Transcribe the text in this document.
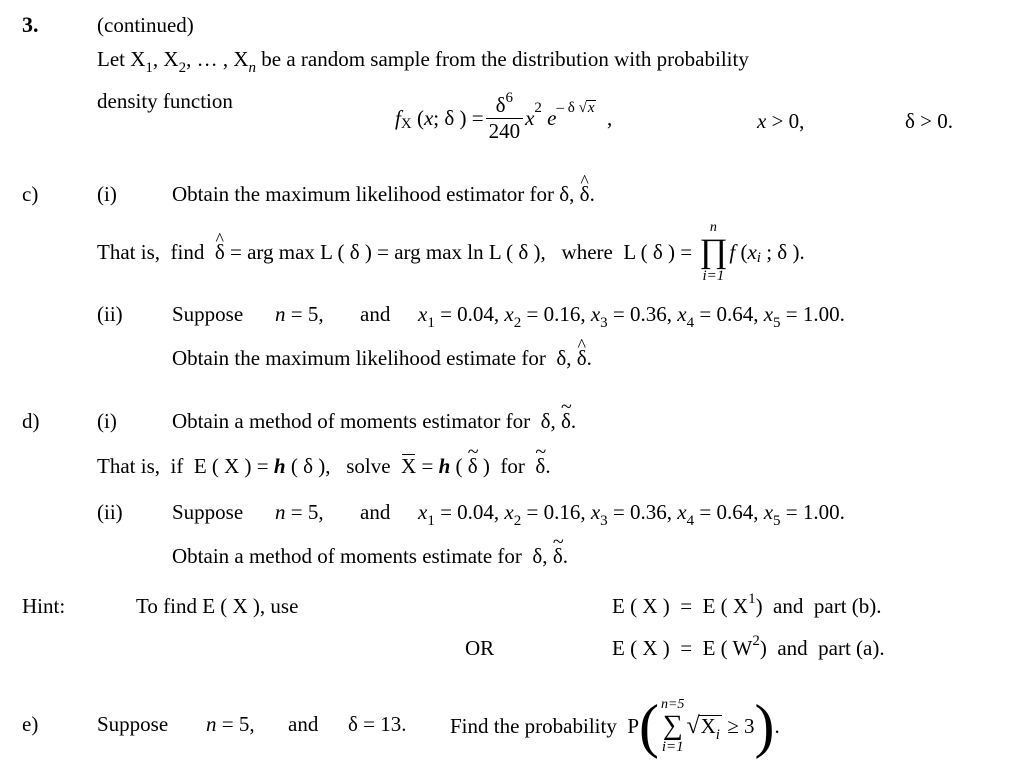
3.	(continued)
Let $X_1$, $X_2$, … , $X_n$ be a random sample from the distribution with probability
density function
f X ( x ; δ ) = $\frac{\delta^6}{240}$ x 2
e – δ √x ,	x > 0,	δ > 0.
c)	(i)	Obtain the maximum likelihood estimator for δ, ^ δ.
That is,  find
^ δ = arg max L ( δ ) = arg max ln L ( δ ),   where  L ( δ ) =
n
∏
i=1
f ( x i ; δ ).
(ii) Suppose n = 5, and $x_1 = 0.04$, $x_2 = 0.16$, $x_3 = 0.36$, $x_4 = 0.64$, $x_5 = 1.00$.
Obtain the maximum likelihood estimate for  δ, ^ δ.
d)	(i)	Obtain a method of moments estimator for  δ, ~ δ.
That is,  if  E ( X ) = h ( δ ),   solve  X = h ( ~ δ )  for  ~ δ.
(ii) Suppose n = 5, and $x_1 = 0.04$, $x_2 = 0.16$, $x_3 = 0.36$, $x_4 = 0.64$, $x_5 = 1.00$.
Obtain a method of moments estimate for  δ, ~ δ.
Hint:	To find E ( X ), use	E ( X )  =  E ( $X^1$)  and  part (b).
OR	E ( X )  =  E ( $W^2$)  and  part (a).
e)	Suppose n = 5, and δ = 13. Find the probability  P ( n=5
∑
i=1
√ $X_i \ge 3$ ) .
